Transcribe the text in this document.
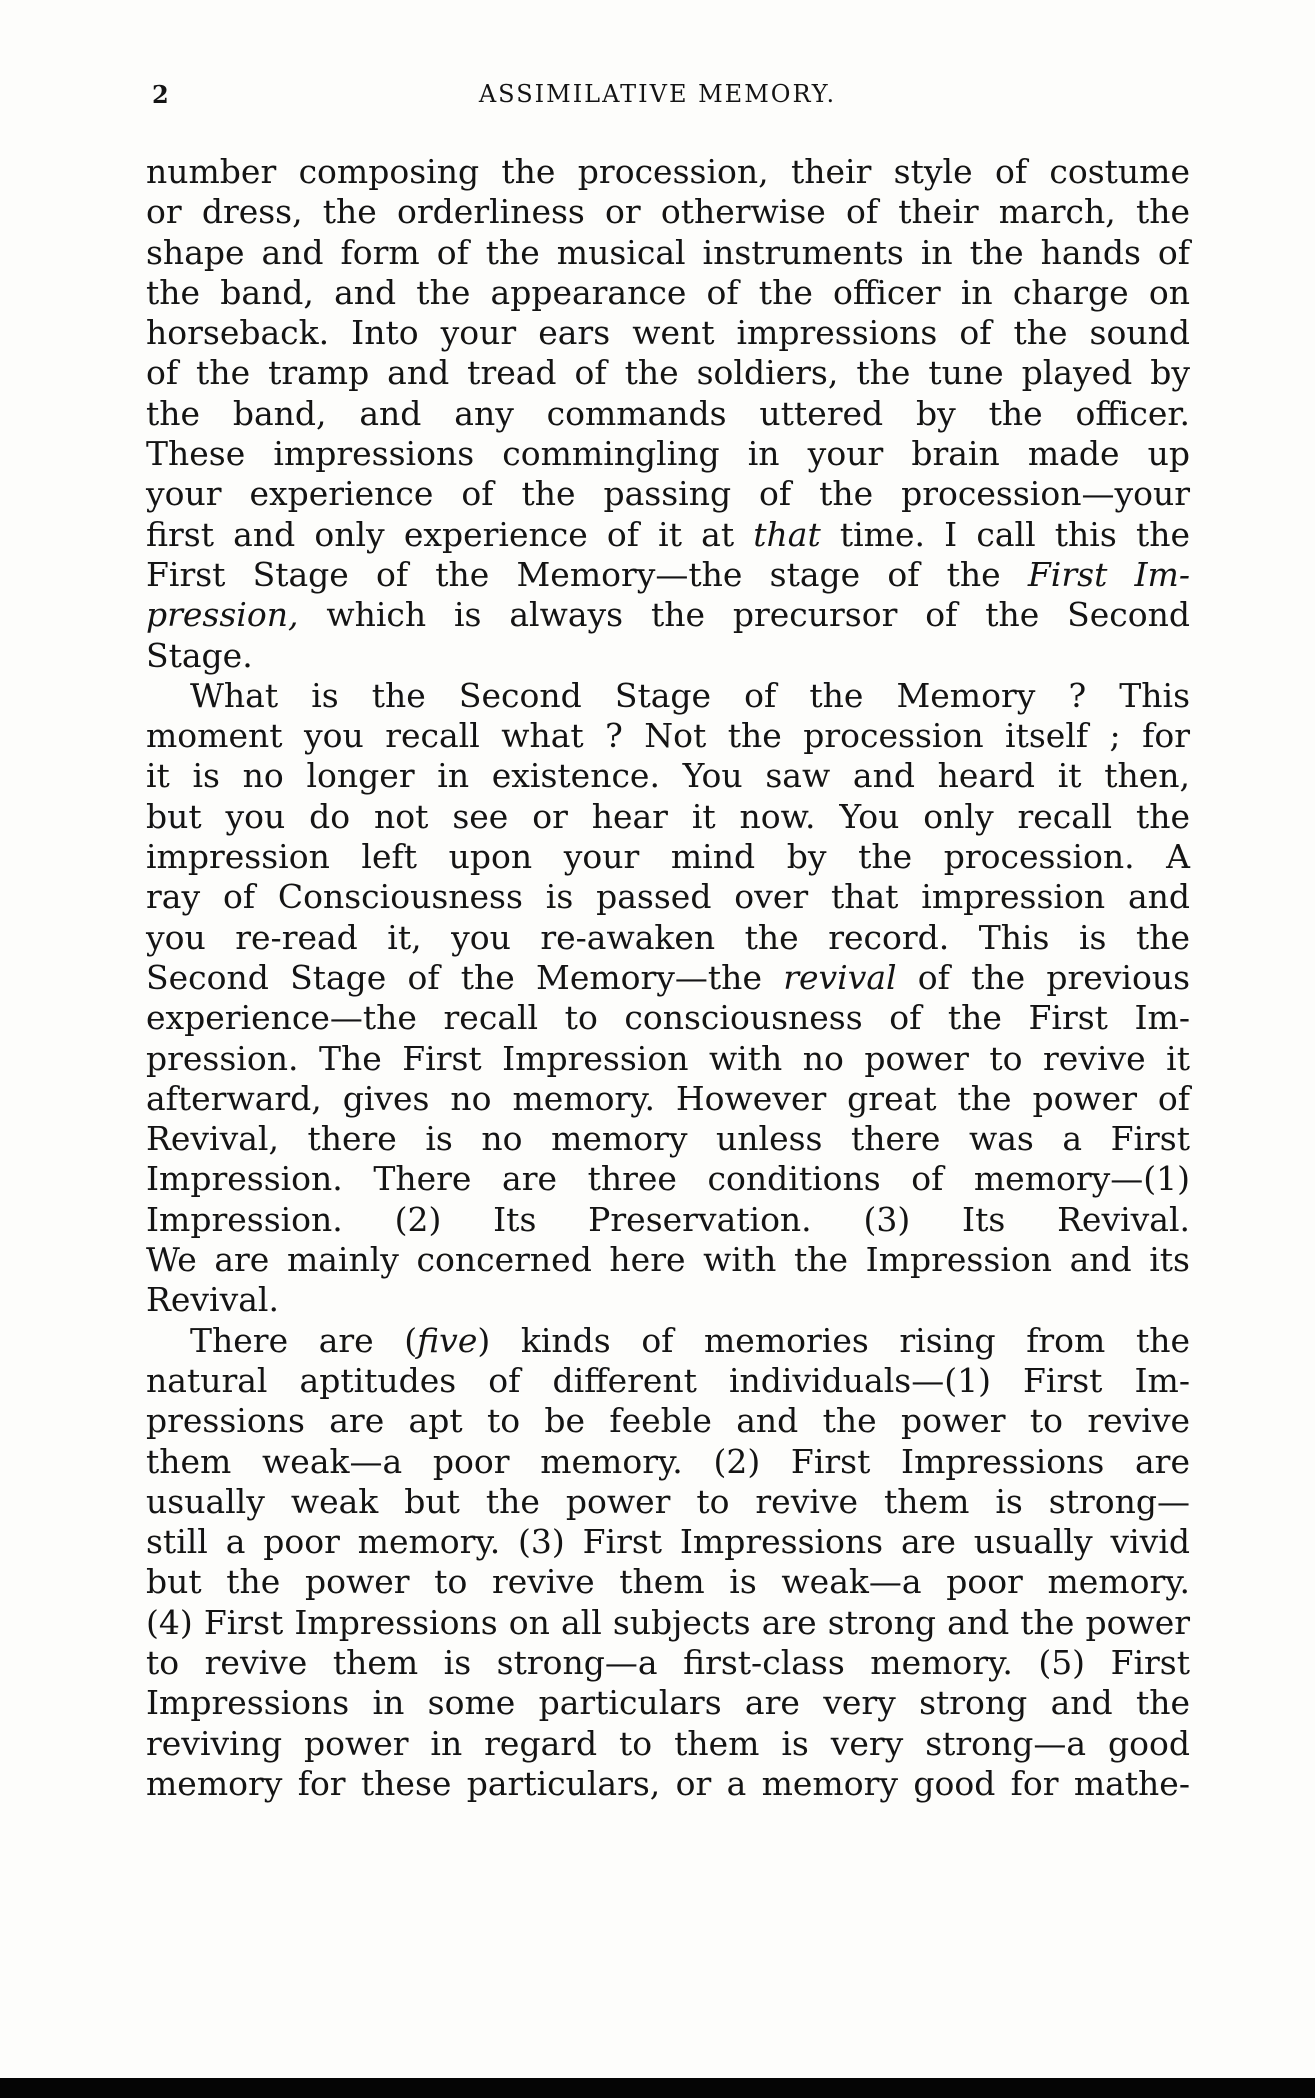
2	ASSIMILATIVE MEMORY.
number composing the procession, their style of costume
or dress, the orderliness or otherwise of their march, the
shape and form of the musical instruments in the hands of
the band, and the appearance of the officer in charge on
horseback. Into your ears went impressions of the sound
of the tramp and tread of the soldiers, the tune played by
the band, and any commands uttered by the officer.
These impressions commingling in your brain made up
your experience of the passing of the procession—your
first and only experience of it at that time. I call this the
First Stage of the Memory—the stage of the First Im-
pression, which is always the precursor of the Second
Stage.
What is the Second Stage of the Memory ? This
moment you recall what ? Not the procession itself ; for
it is no longer in existence. You saw and heard it then,
but you do not see or hear it now. You only recall the
impression left upon your mind by the procession. A
ray of Consciousness is passed over that impression and
you re-read it, you re-awaken the record. This is the
Second Stage of the Memory—the revival of the previous
experience—the recall to consciousness of the First Im-
pression. The First Impression with no power to revive it
afterward, gives no memory. However great the power of
Revival, there is no memory unless there was a First
Impression. There are three conditions of memory—(1)
Impression. (2) Its Preservation. (3) Its Revival.
We are mainly concerned here with the Impression and its
Revival.
There are (five) kinds of memories rising from the
natural aptitudes of different individuals—(1) First Im-
pressions are apt to be feeble and the power to revive
them weak—a poor memory. (2) First Impressions are
usually weak but the power to revive them is strong—
still a poor memory. (3) First Impressions are usually vivid
but the power to revive them is weak—a poor memory.
(4) First Impressions on all subjects are strong and the power
to revive them is strong—a first-class memory. (5) First
Impressions in some particulars are very strong and the
reviving power in regard to them is very strong—a good
memory for these particulars, or a memory good for mathe-
